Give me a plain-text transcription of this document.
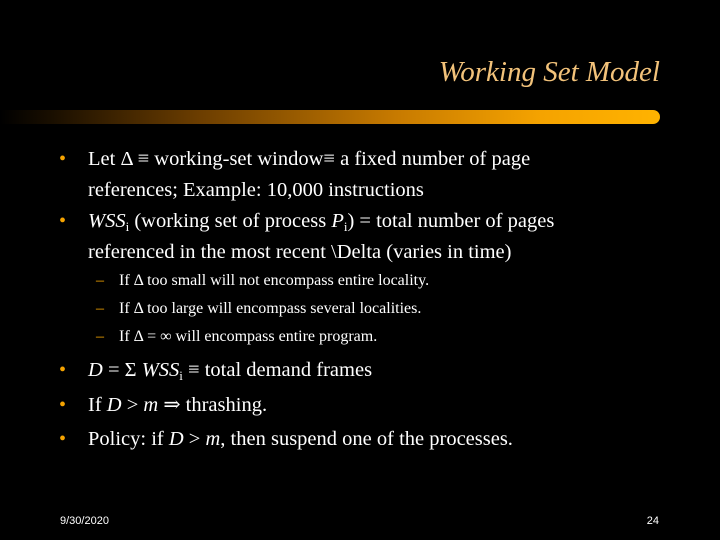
Working Set Model
• Let Δ ≡ working-set window≡ a fixed number of page
references; Example: 10,000 instructions
• $WSS_i$ (working set of process $P_i$) = total number of pages
referenced in the most recent \Delta (varies in time)
– If Δ too small will not encompass entire locality.
– If Δ too large will encompass several localities.
– If Δ = ∞ will encompass entire program.
• D = Σ $WSS_i$ ≡ total demand frames
• If D > m ⇒ thrashing.
• Policy: if D > m, then suspend one of the processes.
9/30/2020	24
